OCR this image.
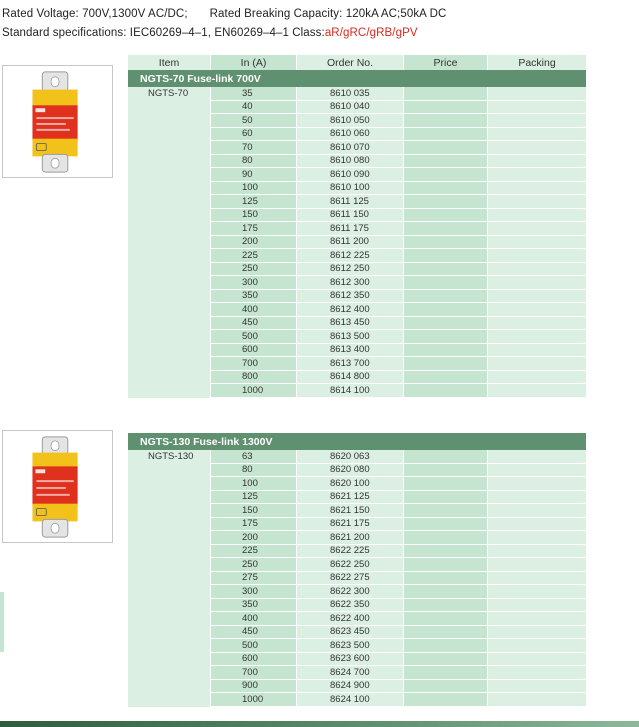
Rated Voltage: 700V,1300V AC/DC; Rated Breaking Capacity: 120kA AC;50kA DC
Standard specifications: IEC60269–4–1, EN60269–4–1 Class:aR/gRC/gRB/gPV
Item	In (A)	Order No.	Price	Packing
NGTS-70 Fuse-link 700V
NGTS-70	35	8610 035
40	8610 040
50	8610 050
60	8610 060
70	8610 070
80	8610 080
90	8610 090
100	8610 100
125	8611 125
150	8611 150
175	8611 175
200	8611 200
225	8612 225
250	8612 250
300	8612 300
350	8612 350
400	8612 400
450	8613 450
500	8613 500
600	8613 400
700	8613 700
800	8614 800
1000	8614 100
NGTS-130 Fuse-link 1300V
NGTS-130	63	8620 063
80	8620 080
100	8620 100
125	8621 125
150	8621 150
175	8621 175
200	8621 200
225	8622 225
250	8622 250
275	8622 275
300	8622 300
350	8622 350
400	8622 400
450	8623 450
500	8623 500
600	8623 600
700	8624 700
900	8624 900
1000	8624 100
